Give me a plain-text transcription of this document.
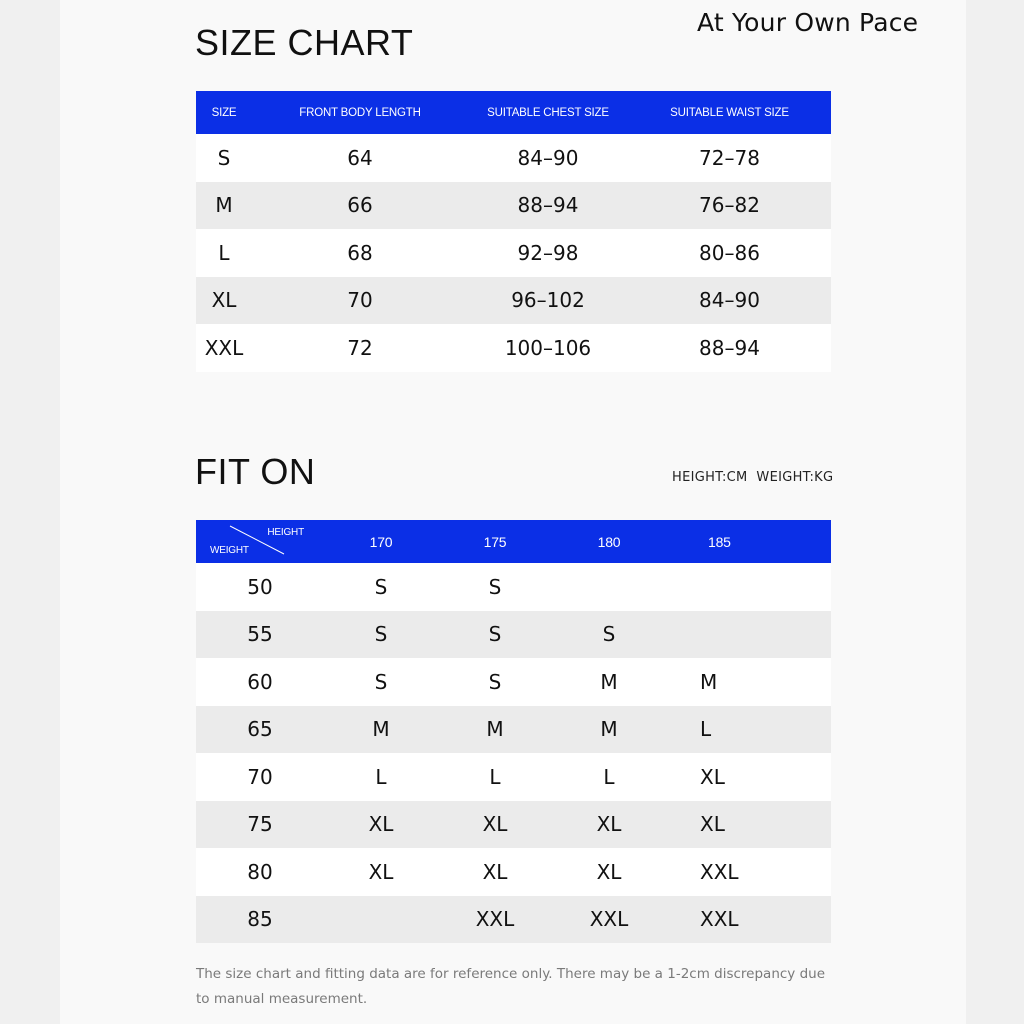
At Your Own Pace
SIZE CHART
SIZE	FRONT BODY LENGTH	SUITABLE CHEST SIZE	SUITABLE WAIST SIZE
S	64	84–90	72–78
M	66	88–94	76–82
L	68	92–98	80–86
XL	70	96–102	84–90
XXL	72	100–106	88–94
FIT ON	HEIGHT:CM  WEIGHT:KG
HEIGHT
WEIGHT	170	175	180	185
50	S	S		
55	S	S	S	
60	S	S	M	M
65	M	M	M	L
70	L	L	L	XL
75	XL	XL	XL	XL
80	XL	XL	XL	XXL
85		XXL	XXL	XXL
The size chart and fitting data are for reference only. There may be a 1-2cm discrepancy due
to manual measurement.
